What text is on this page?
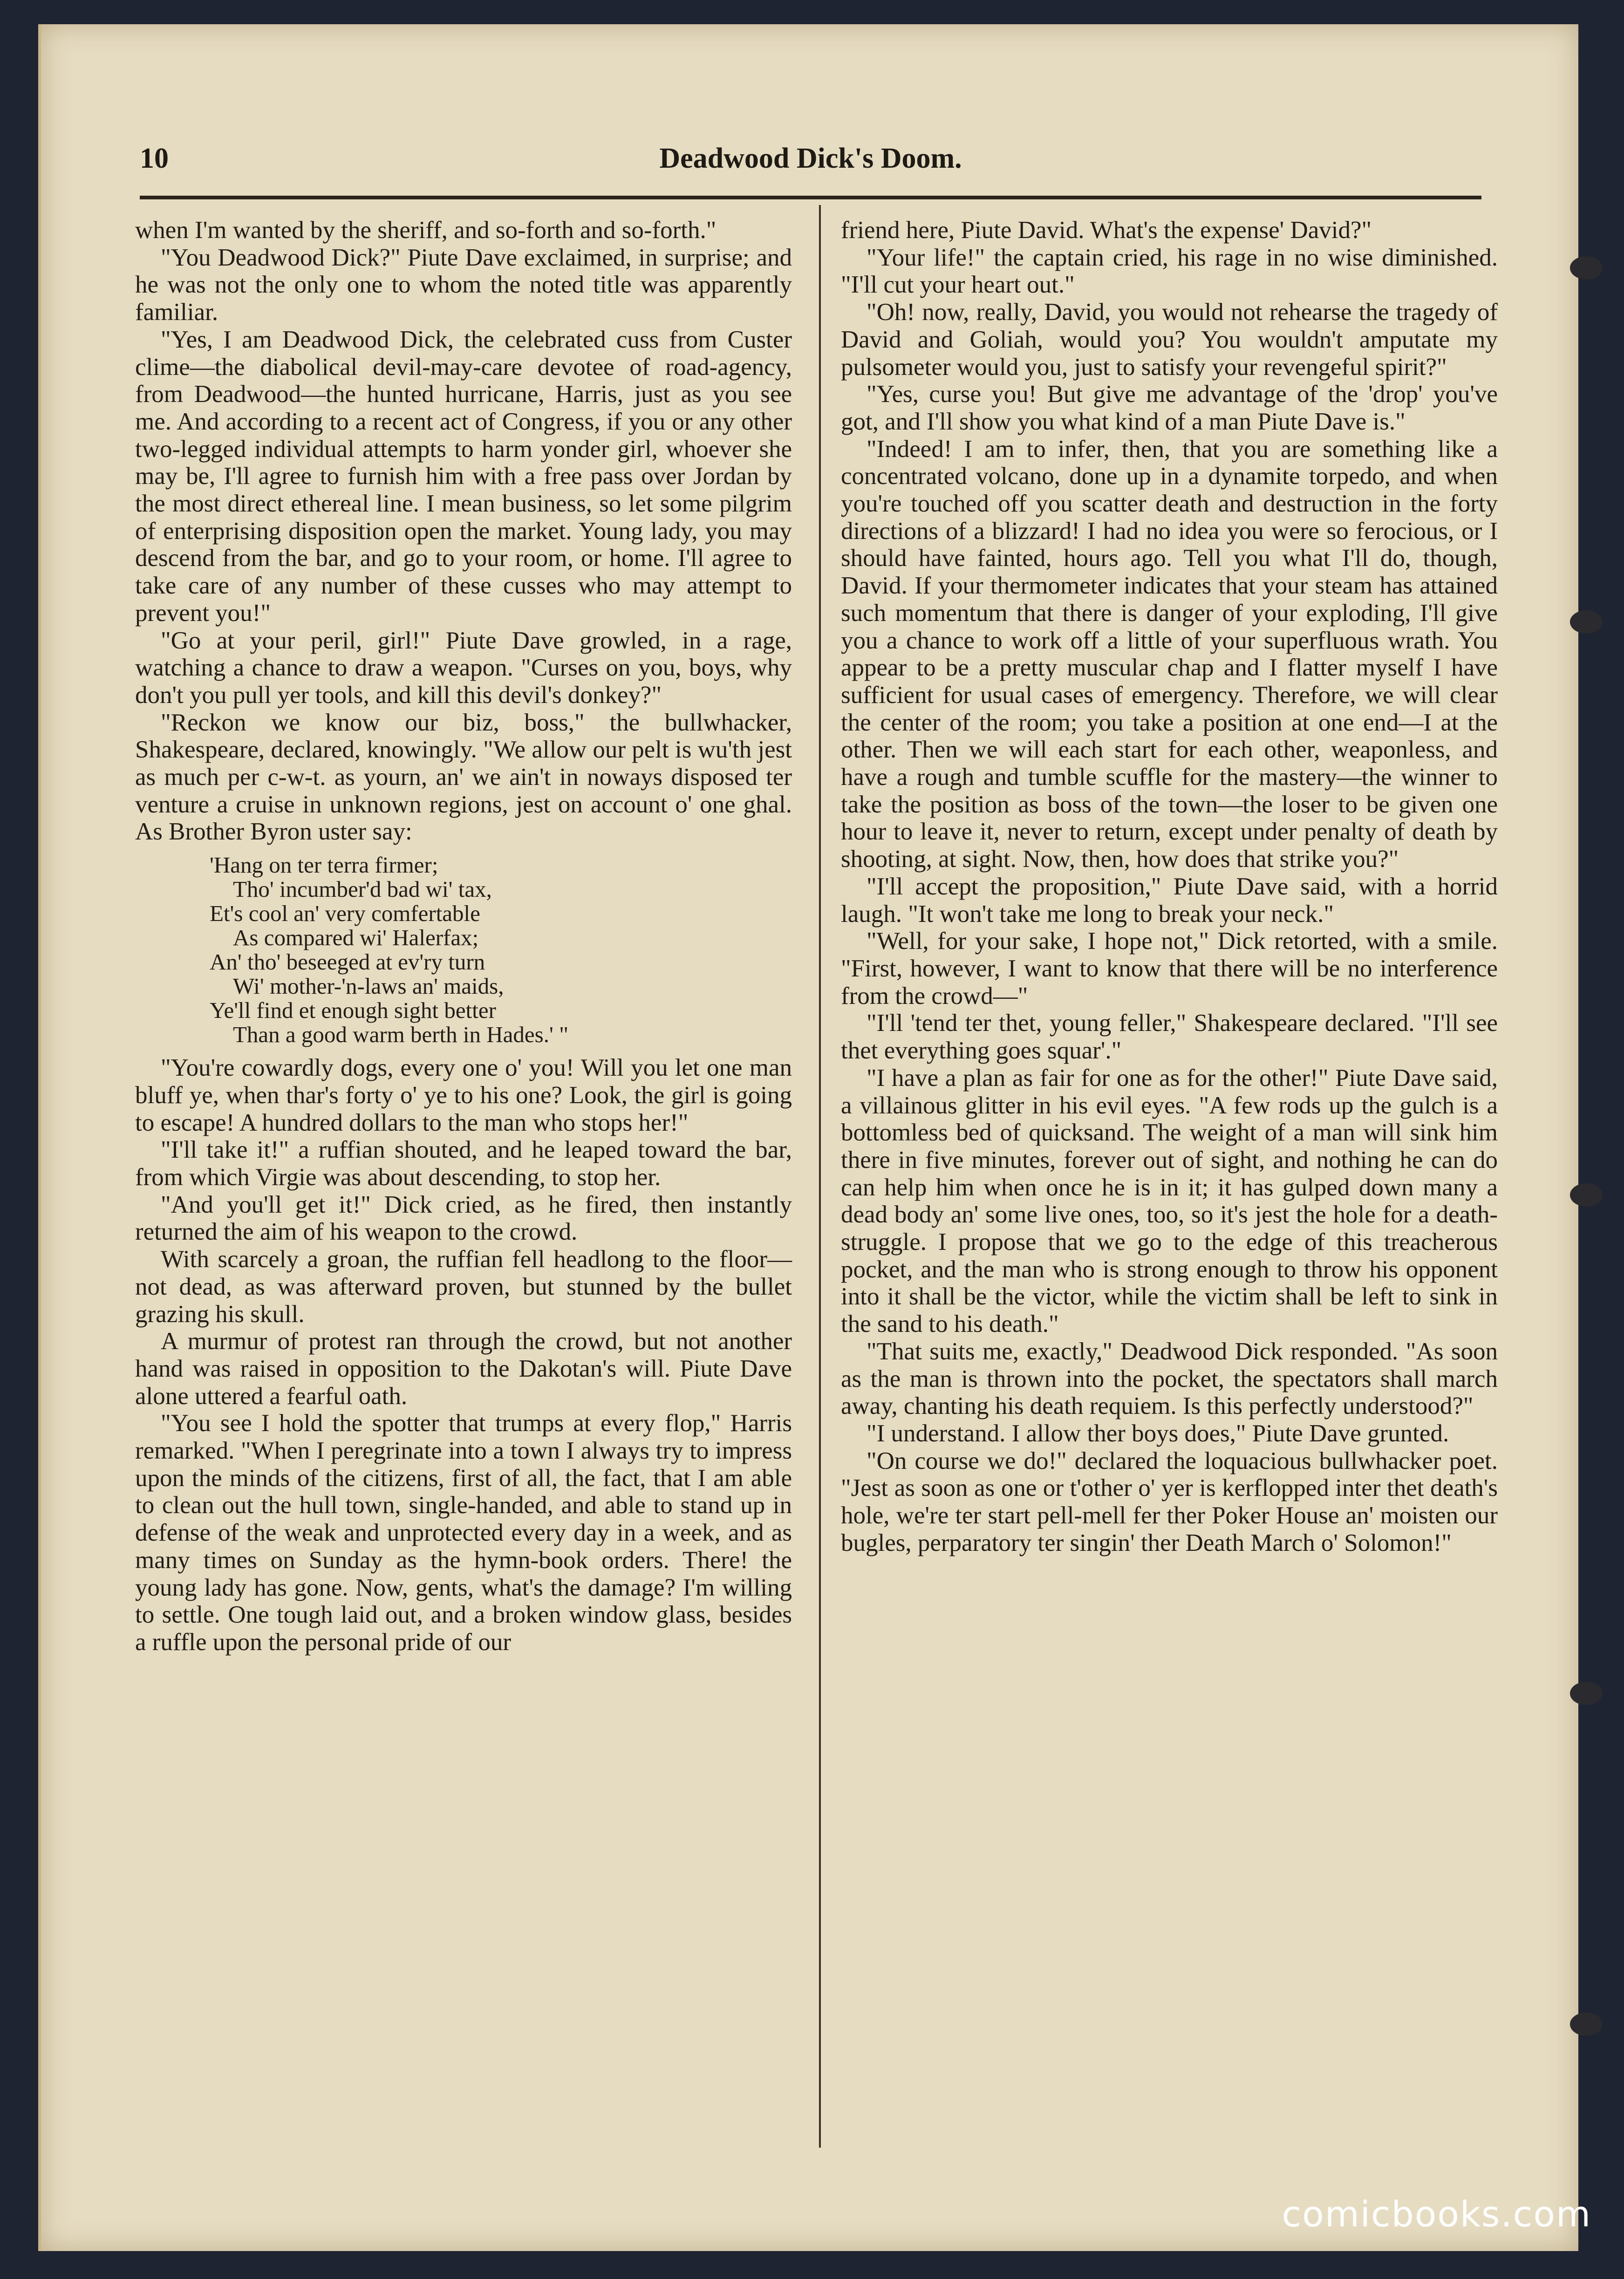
10	Deadwood Dick's Doom.

when I'm wanted by the sheriff, and so-forth and so-forth."

"You Deadwood Dick?" Piute Dave exclaimed, in surprise; and he was not the only one to whom the noted title was apparently familiar.

"Yes, I am Deadwood Dick, the celebrated cuss from Custer clime—the diabolical devil-may-care devotee of road-agency, from Deadwood—the hunted hurricane, Harris, just as you see me. And according to a recent act of Congress, if you or any other two-legged individual attempts to harm yonder girl, whoever she may be, I'll agree to furnish him with a free pass over Jordan by the most direct ethereal line. I mean business, so let some pilgrim of enterprising disposition open the market. Young lady, you may descend from the bar, and go to your room, or home. I'll agree to take care of any number of these cusses who may attempt to prevent you!"

"Go at your peril, girl!" Piute Dave growled, in a rage, watching a chance to draw a weapon. "Curses on you, boys, why don't you pull yer tools, and kill this devil's donkey?"

"Reckon we know our biz, boss," the bullwhacker, Shakespeare, declared, knowingly. "We allow our pelt is wu'th jest as much per c-w-t. as yourn, an' we ain't in noways disposed ter venture a cruise in unknown regions, jest on account o' one ghal. As Brother Byron uster say:

'Hang on ter terra firmer;
Tho' incumber'd bad wi' tax,
Et's cool an' very comfertable
As compared wi' Halerfax;
An' tho' beseeged at ev'ry turn
Wi' mother-'n-laws an' maids,
Ye'll find et enough sight better
Than a good warm berth in Hades.' "

"You're cowardly dogs, every one o' you! Will you let one man bluff ye, when thar's forty o' ye to his one? Look, the girl is going to escape! A hundred dollars to the man who stops her!"

"I'll take it!" a ruffian shouted, and he leaped toward the bar, from which Virgie was about descending, to stop her.

"And you'll get it!" Dick cried, as he fired, then instantly returned the aim of his weapon to the crowd.

With scarcely a groan, the ruffian fell headlong to the floor—not dead, as was afterward proven, but stunned by the bullet grazing his skull.

A murmur of protest ran through the crowd, but not another hand was raised in opposition to the Dakotan's will. Piute Dave alone uttered a fearful oath.

"You see I hold the spotter that trumps at every flop," Harris remarked. "When I peregrinate into a town I always try to impress upon the minds of the citizens, first of all, the fact, that I am able to clean out the hull town, single-handed, and able to stand up in defense of the weak and unprotected every day in a week, and as many times on Sunday as the hymn-book orders. There! the young lady has gone. Now, gents, what's the damage? I'm willing to settle. One tough laid out, and a broken window glass, besides a ruffle upon the personal pride of our

friend here, Piute David. What's the expense' David?"

"Your life!" the captain cried, his rage in no wise diminished. "I'll cut your heart out."

"Oh! now, really, David, you would not rehearse the tragedy of David and Goliah, would you? You wouldn't amputate my pulsometer would you, just to satisfy your revengeful spirit?"

"Yes, curse you! But give me advantage of the 'drop' you've got, and I'll show you what kind of a man Piute Dave is."

"Indeed! I am to infer, then, that you are something like a concentrated volcano, done up in a dynamite torpedo, and when you're touched off you scatter death and destruction in the forty directions of a blizzard! I had no idea you were so ferocious, or I should have fainted, hours ago. Tell you what I'll do, though, David. If your thermometer indicates that your steam has attained such momentum that there is danger of your exploding, I'll give you a chance to work off a little of your superfluous wrath. You appear to be a pretty muscular chap and I flatter myself I have sufficient for usual cases of emergency. Therefore, we will clear the center of the room; you take a position at one end—I at the other. Then we will each start for each other, weaponless, and have a rough and tumble scuffle for the mastery—the winner to take the position as boss of the town—the loser to be given one hour to leave it, never to return, except under penalty of death by shooting, at sight. Now, then, how does that strike you?"

"I'll accept the proposition," Piute Dave said, with a horrid laugh. "It won't take me long to break your neck."

"Well, for your sake, I hope not," Dick retorted, with a smile. "First, however, I want to know that there will be no interference from the crowd—"

"I'll 'tend ter thet, young feller," Shakespeare declared. "I'll see thet everything goes squar'."

"I have a plan as fair for one as for the other!" Piute Dave said, a villainous glitter in his evil eyes. "A few rods up the gulch is a bottomless bed of quicksand. The weight of a man will sink him there in five minutes, forever out of sight, and nothing he can do can help him when once he is in it; it has gulped down many a dead body an' some live ones, too, so it's jest the hole for a death-struggle. I propose that we go to the edge of this treacherous pocket, and the man who is strong enough to throw his opponent into it shall be the victor, while the victim shall be left to sink in the sand to his death."

"That suits me, exactly," Deadwood Dick responded. "As soon as the man is thrown into the pocket, the spectators shall march away, chanting his death requiem. Is this perfectly understood?"

"I understand. I allow ther boys does," Piute Dave grunted.

"On course we do!" declared the loquacious bullwhacker poet. "Jest as soon as one or t'other o' yer is kerflopped inter thet death's hole, we're ter start pell-mell fer ther Poker House an' moisten our bugles, perparatory ter singin' ther Death March o' Solomon!"

comicbooks.com
